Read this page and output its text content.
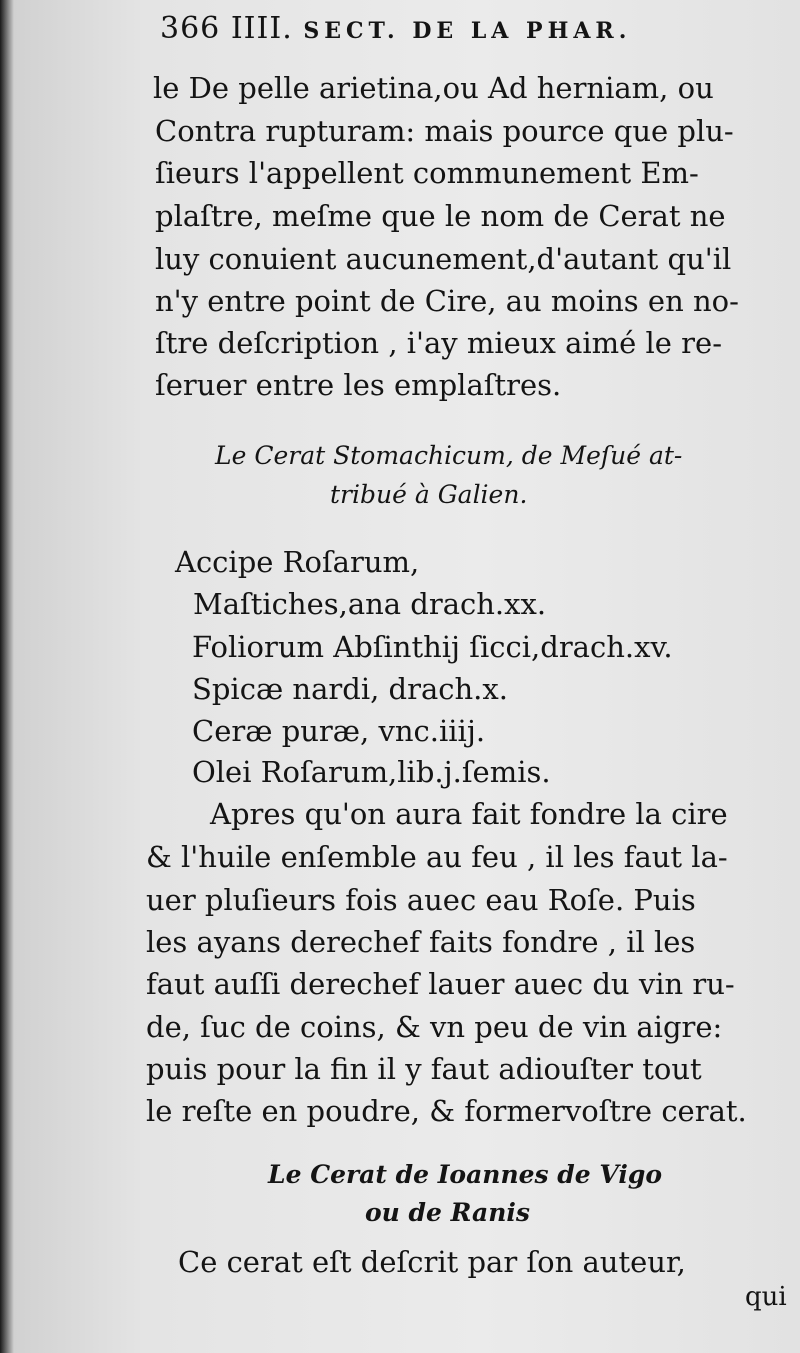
366 IIII. SECT. DE LA PHAR.
le De pelle arietina,ou Ad herniam, ou
Contra rupturam: mais pource que plu-
ſieurs l'appellent communement Em-
plaſtre, meſme que le nom de Cerat ne
luy conuient aucunement,d'autant qu'il
n'y entre point de Cire, au moins en no-
ſtre deſcription , i'ay mieux aimé le re-
ſeruer entre les emplaſtres.
Le Cerat Stomachicum, de Meſué at-
tribué à Galien.
Accipe Roſarum,
Maſtiches,ana drach.xx.
Foliorum Abſinthij ſicci,drach.xv.
Spicæ nardi, drach.x.
Ceræ puræ, vnc.iiij.
Olei Roſarum,lib.j.ſemis.
Apres qu'on aura fait fondre la cire
& l'huile enſemble au feu , il les faut la-
uer pluſieurs fois auec eau Roſe. Puis
les ayans derechef faits fondre , il les
faut auſſi derechef lauer auec du vin ru-
de, ſuc de coins, & vn peu de vin aigre:
puis pour la fin il y faut adiouſter tout
le reſte en poudre, & formervoſtre cerat.
Le Cerat de Ioannes de Vigo
ou de Ranis
Ce cerat eſt deſcrit par ſon auteur,
qui
